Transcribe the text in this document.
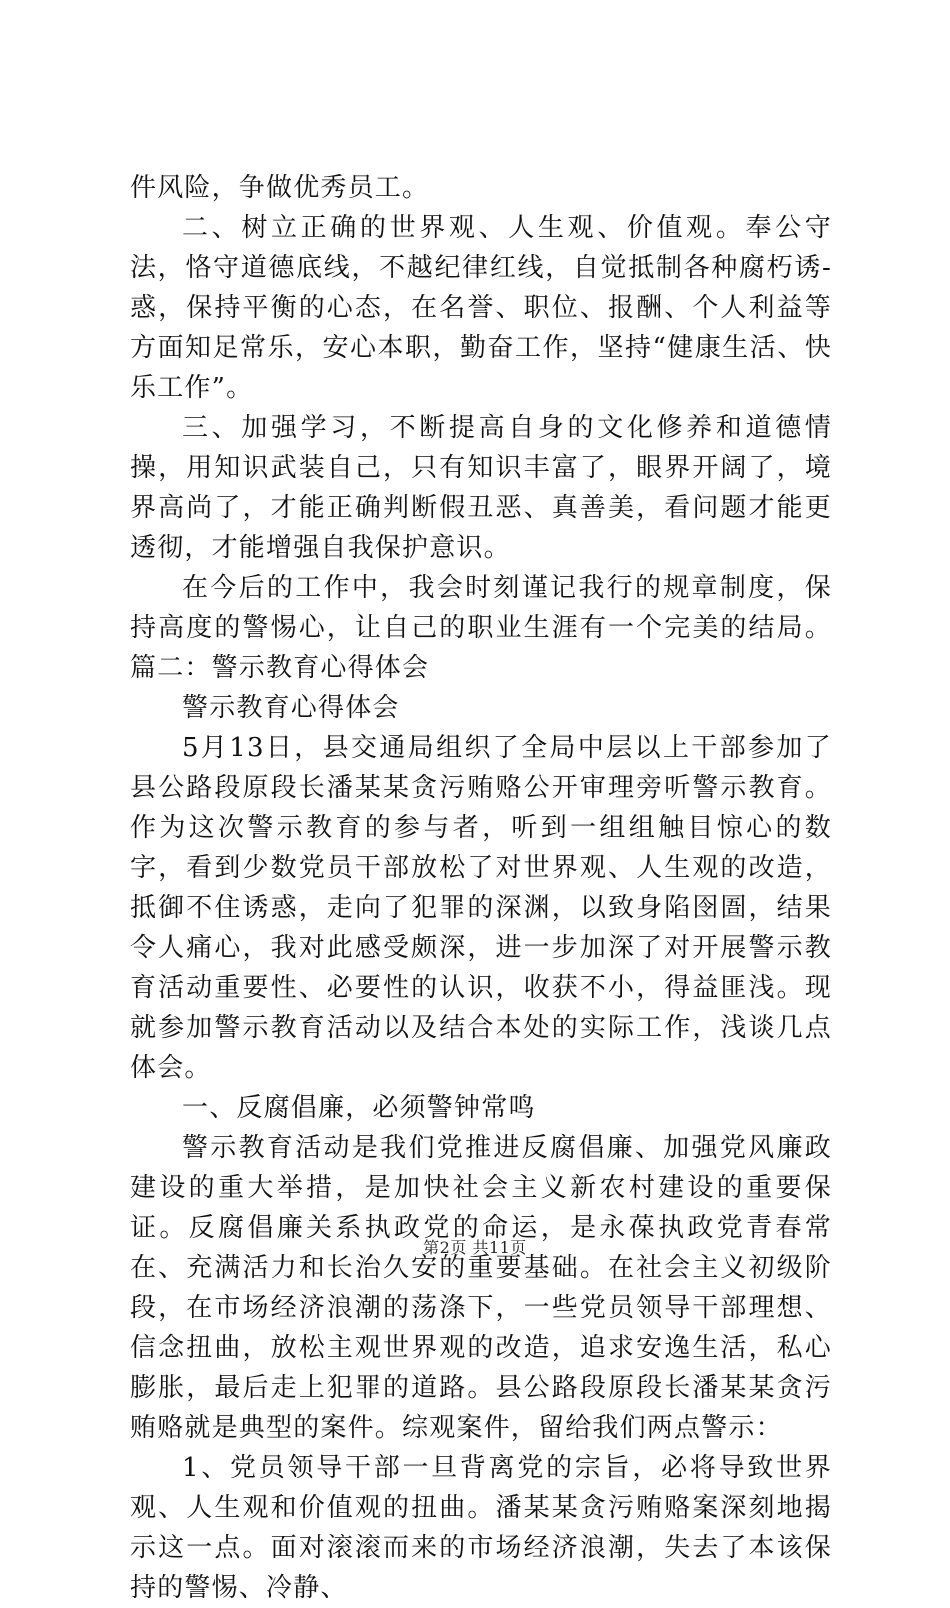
件风险，争做优秀员工。

二、树立正确的世界观、人生观、价值观。奉公守法，恪守道德底线，不越纪律红线，自觉抵制各种腐朽诱-惑，保持平衡的心态，在名誉、职位、报酬、个人利益等方面知足常乐，安心本职，勤奋工作，坚持“健康生活、快乐工作”。

三、加强学习，不断提高自身的文化修养和道德情操，用知识武装自己，只有知识丰富了，眼界开阔了，境界高尚了，才能正确判断假丑恶、真善美，看问题才能更透彻，才能增强自我保护意识。

在今后的工作中，我会时刻谨记我行的规章制度，保持高度的警惕心，让自己的职业生涯有一个完美的结局。篇二：警示教育心得体会

警示教育心得体会

5月13日，县交通局组织了全局中层以上干部参加了县公路段原段长潘某某贪污贿赂公开审理旁听警示教育。作为这次警示教育的参与者，听到一组组触目惊心的数字，看到少数党员干部放松了对世界观、人生观的改造，抵御不住诱惑，走向了犯罪的深渊，以致身陷囹圄，结果令人痛心，我对此感受颇深，进一步加深了对开展警示教育活动重要性、必要性的认识，收获不小，得益匪浅。现就参加警示教育活动以及结合本处的实际工作，浅谈几点体会。

一、反腐倡廉，必须警钟常鸣

警示教育活动是我们党推进反腐倡廉、加强党风廉政建设的重大举措，是加快社会主义新农村建设的重要保证。反腐倡廉关系执政党的命运，是永葆执政党青春常在、充满活力和长治久安的重要基础。在社会主义初级阶段，在市场经济浪潮的荡涤下，一些党员领导干部理想、信念扭曲，放松主观世界观的改造，追求安逸生活，私心膨胀，最后走上犯罪的道路。县公路段原段长潘某某贪污贿赂就是典型的案件。综观案件，留给我们两点警示：

1、党员领导干部一旦背离党的宗旨，必将导致世界观、人生观和价值观的扭曲。潘某某贪污贿赂案深刻地揭示这一点。面对滚滚而来的市场经济浪潮，失去了本该保持的警惕、冷静、

第2页 共11页
